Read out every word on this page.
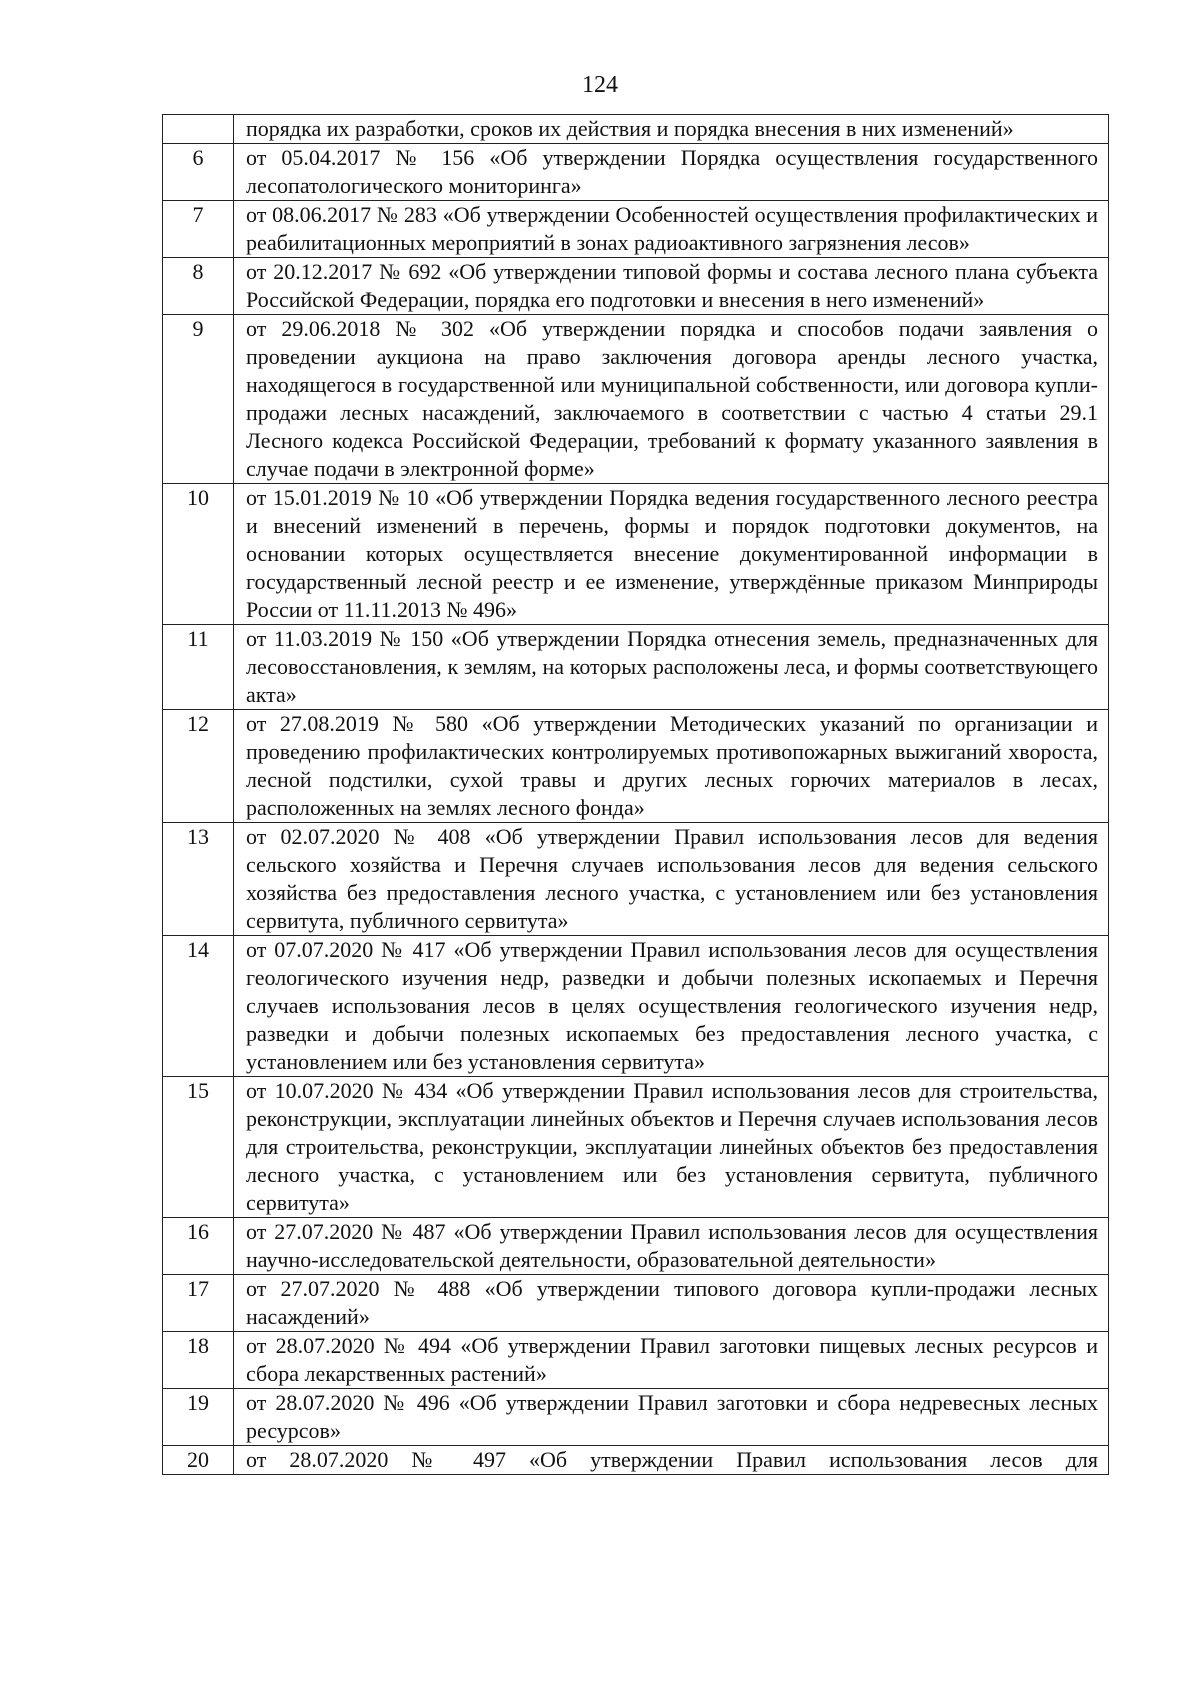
124
	порядка их разработки, сроков их действия и порядка внесения в них изменений»
6	от 05.04.2017 № 156 «Об утверждении Порядка осуществления государственного лесопатологического мониторинга»
7	от 08.06.2017 № 283 «Об утверждении Особенностей осуществления профилактических и реабилитационных мероприятий в зонах радиоактивного загрязнения лесов»
8	от 20.12.2017 № 692 «Об утверждении типовой формы и состава лесного плана субъекта Российской Федерации, порядка его подготовки и внесения в него изменений»
9	от 29.06.2018 № 302 «Об утверждении порядка и способов подачи заявления о проведении аукциона на право заключения договора аренды лесного участка, находящегося в государственной или муниципальной собственности, или договора купли-продажи лесных насаждений, заключаемого в соответствии с частью 4 статьи 29.1 Лесного кодекса Российской Федерации, требований к формату указанного заявления в случае подачи в электронной форме»
10	от 15.01.2019 № 10 «Об утверждении Порядка ведения государственного лесного реестра и внесений изменений в перечень, формы и порядок подготовки документов, на основании которых осуществляется внесение документированной информации в государственный лесной реестр и ее изменение, утверждённые приказом Минприроды России от 11.11.2013 № 496»
11	от 11.03.2019 № 150 «Об утверждении Порядка отнесения земель, предназначенных для лесовосстановления, к землям, на которых расположены леса, и формы соответствующего акта»
12	от 27.08.2019 № 580 «Об утверждении Методических указаний по организации и проведению профилактических контролируемых противопожарных выжиганий хвороста, лесной подстилки, сухой травы и других лесных горючих материалов в лесах, расположенных на землях лесного фонда»
13	от 02.07.2020 № 408 «Об утверждении Правил использования лесов для ведения сельского хозяйства и Перечня случаев использования лесов для ведения сельского хозяйства без предоставления лесного участка, с установлением или без установления сервитута, публичного сервитута»
14	от 07.07.2020 № 417 «Об утверждении Правил использования лесов для осуществления геологического изучения недр, разведки и добычи полезных ископаемых и Перечня случаев использования лесов в целях осуществления геологического изучения недр, разведки и добычи полезных ископаемых без предоставления лесного участка, с установлением или без установления сервитута»
15	от 10.07.2020 № 434 «Об утверждении Правил использования лесов для строительства, реконструкции, эксплуатации линейных объектов и Перечня случаев использования лесов для строительства, реконструкции, эксплуатации линейных объектов без предоставления лесного участка, с установлением или без установления сервитута, публичного сервитута»
16	от 27.07.2020 № 487 «Об утверждении Правил использования лесов для осуществления научно-исследовательской деятельности, образовательной деятельности»
17	от 27.07.2020 № 488 «Об утверждении типового договора купли-продажи лесных насаждений»
18	от 28.07.2020 № 494 «Об утверждении Правил заготовки пищевых лесных ресурсов и сбора лекарственных растений»
19	от 28.07.2020 № 496 «Об утверждении Правил заготовки и сбора недревесных лесных ресурсов»
20	от 28.07.2020 № 497 «Об утверждении Правил использования лесов для
